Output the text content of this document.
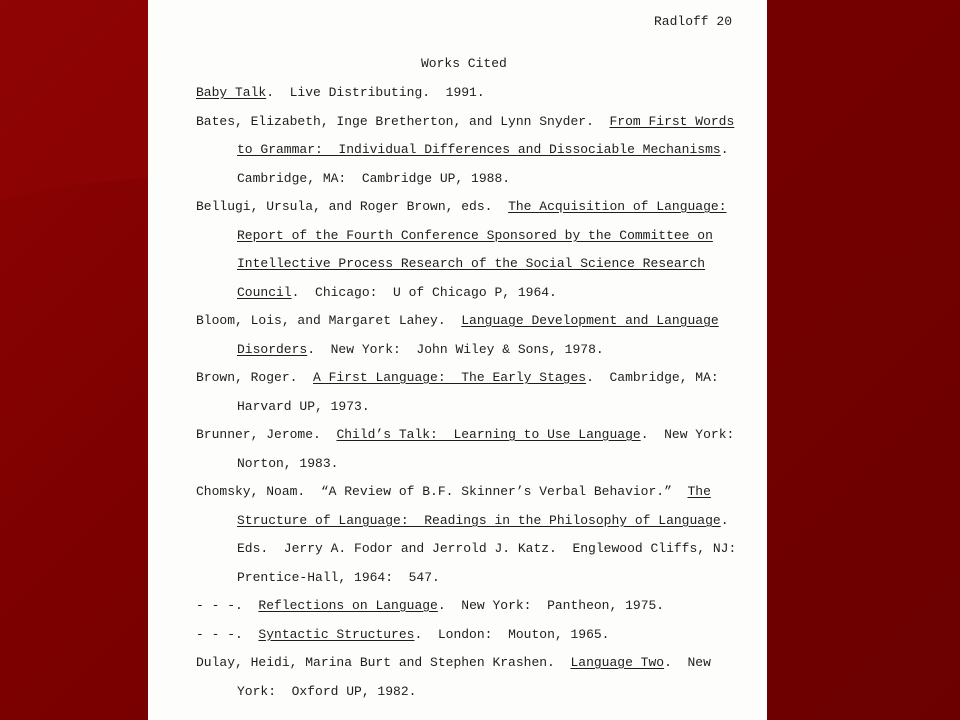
Radloff 20
Works Cited
Baby Talk.  Live Distributing.  1991.
Bates, Elizabeth, Inge Bretherton, and Lynn Snyder.  From First Words
to Grammar:  Individual Differences and Dissociable Mechanisms.
Cambridge, MA:  Cambridge UP, 1988.
Bellugi, Ursula, and Roger Brown, eds.  The Acquisition of Language:
Report of the Fourth Conference Sponsored by the Committee on
Intellective Process Research of the Social Science Research
Council.  Chicago:  U of Chicago P, 1964.
Bloom, Lois, and Margaret Lahey.  Language Development and Language
Disorders.  New York:  John Wiley & Sons, 1978.
Brown, Roger.  A First Language:  The Early Stages.  Cambridge, MA:
Harvard UP, 1973.
Brunner, Jerome.  Child’s Talk:  Learning to Use Language.  New York:
Norton, 1983.
Chomsky, Noam.  “A Review of B.F. Skinner’s Verbal Behavior.”  The
Structure of Language:  Readings in the Philosophy of Language.
Eds.  Jerry A. Fodor and Jerrold J. Katz.  Englewood Cliffs, NJ:
Prentice-Hall, 1964:  547.
- - -.  Reflections on Language.  New York:  Pantheon, 1975.
- - -.  Syntactic Structures.  London:  Mouton, 1965.
Dulay, Heidi, Marina Burt and Stephen Krashen.  Language Two.  New
York:  Oxford UP, 1982.
